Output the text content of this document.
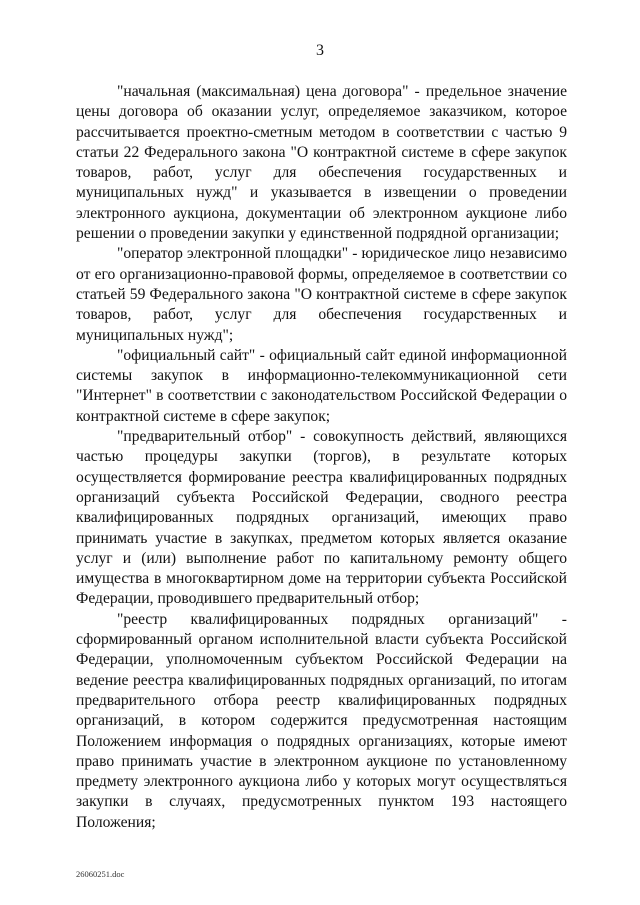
3

"начальная (максимальная) цена договора" - предельное значение цены договора об оказании услуг, определяемое заказчиком, которое рассчитывается проектно-сметным методом в соответствии с частью 9 статьи 22 Федерального закона "О контрактной системе в сфере закупок товаров, работ, услуг для обеспечения государственных и муниципальных нужд" и указывается в извещении о проведении электронного аукциона, документации об электронном аукционе либо решении о проведении закупки у единственной подрядной организации;

"оператор электронной площадки" - юридическое лицо независимо от его организационно-правовой формы, определяемое в соответствии со статьей 59 Федерального закона "О контрактной системе в сфере закупок товаров, работ, услуг для обеспечения государственных и муниципальных нужд";

"официальный сайт" - официальный сайт единой информационной системы закупок в информационно-телекоммуникационной сети "Интернет" в соответствии с законодательством Российской Федерации о контрактной системе в сфере закупок;

"предварительный отбор" - совокупность действий, являющихся частью процедуры закупки (торгов), в результате которых осуществляется формирование реестра квалифицированных подрядных организаций субъекта Российской Федерации, сводного реестра квалифицированных подрядных организаций, имеющих право принимать участие в закупках, предметом которых является оказание услуг и (или) выполнение работ по капитальному ремонту общего имущества в многоквартирном доме на территории субъекта Российской Федерации, проводившего предварительный отбор;

"реестр квалифицированных подрядных организаций" - сформированный органом исполнительной власти субъекта Российской Федерации, уполномоченным субъектом Российской Федерации на ведение реестра квалифицированных подрядных организаций, по итогам предварительного отбора реестр квалифицированных подрядных организаций, в котором содержится предусмотренная настоящим Положением информация о подрядных организациях, которые имеют право принимать участие в электронном аукционе по установленному предмету электронного аукциона либо у которых могут осуществляться закупки в случаях, предусмотренных пунктом 193 настоящего Положения;

26060251.doc
